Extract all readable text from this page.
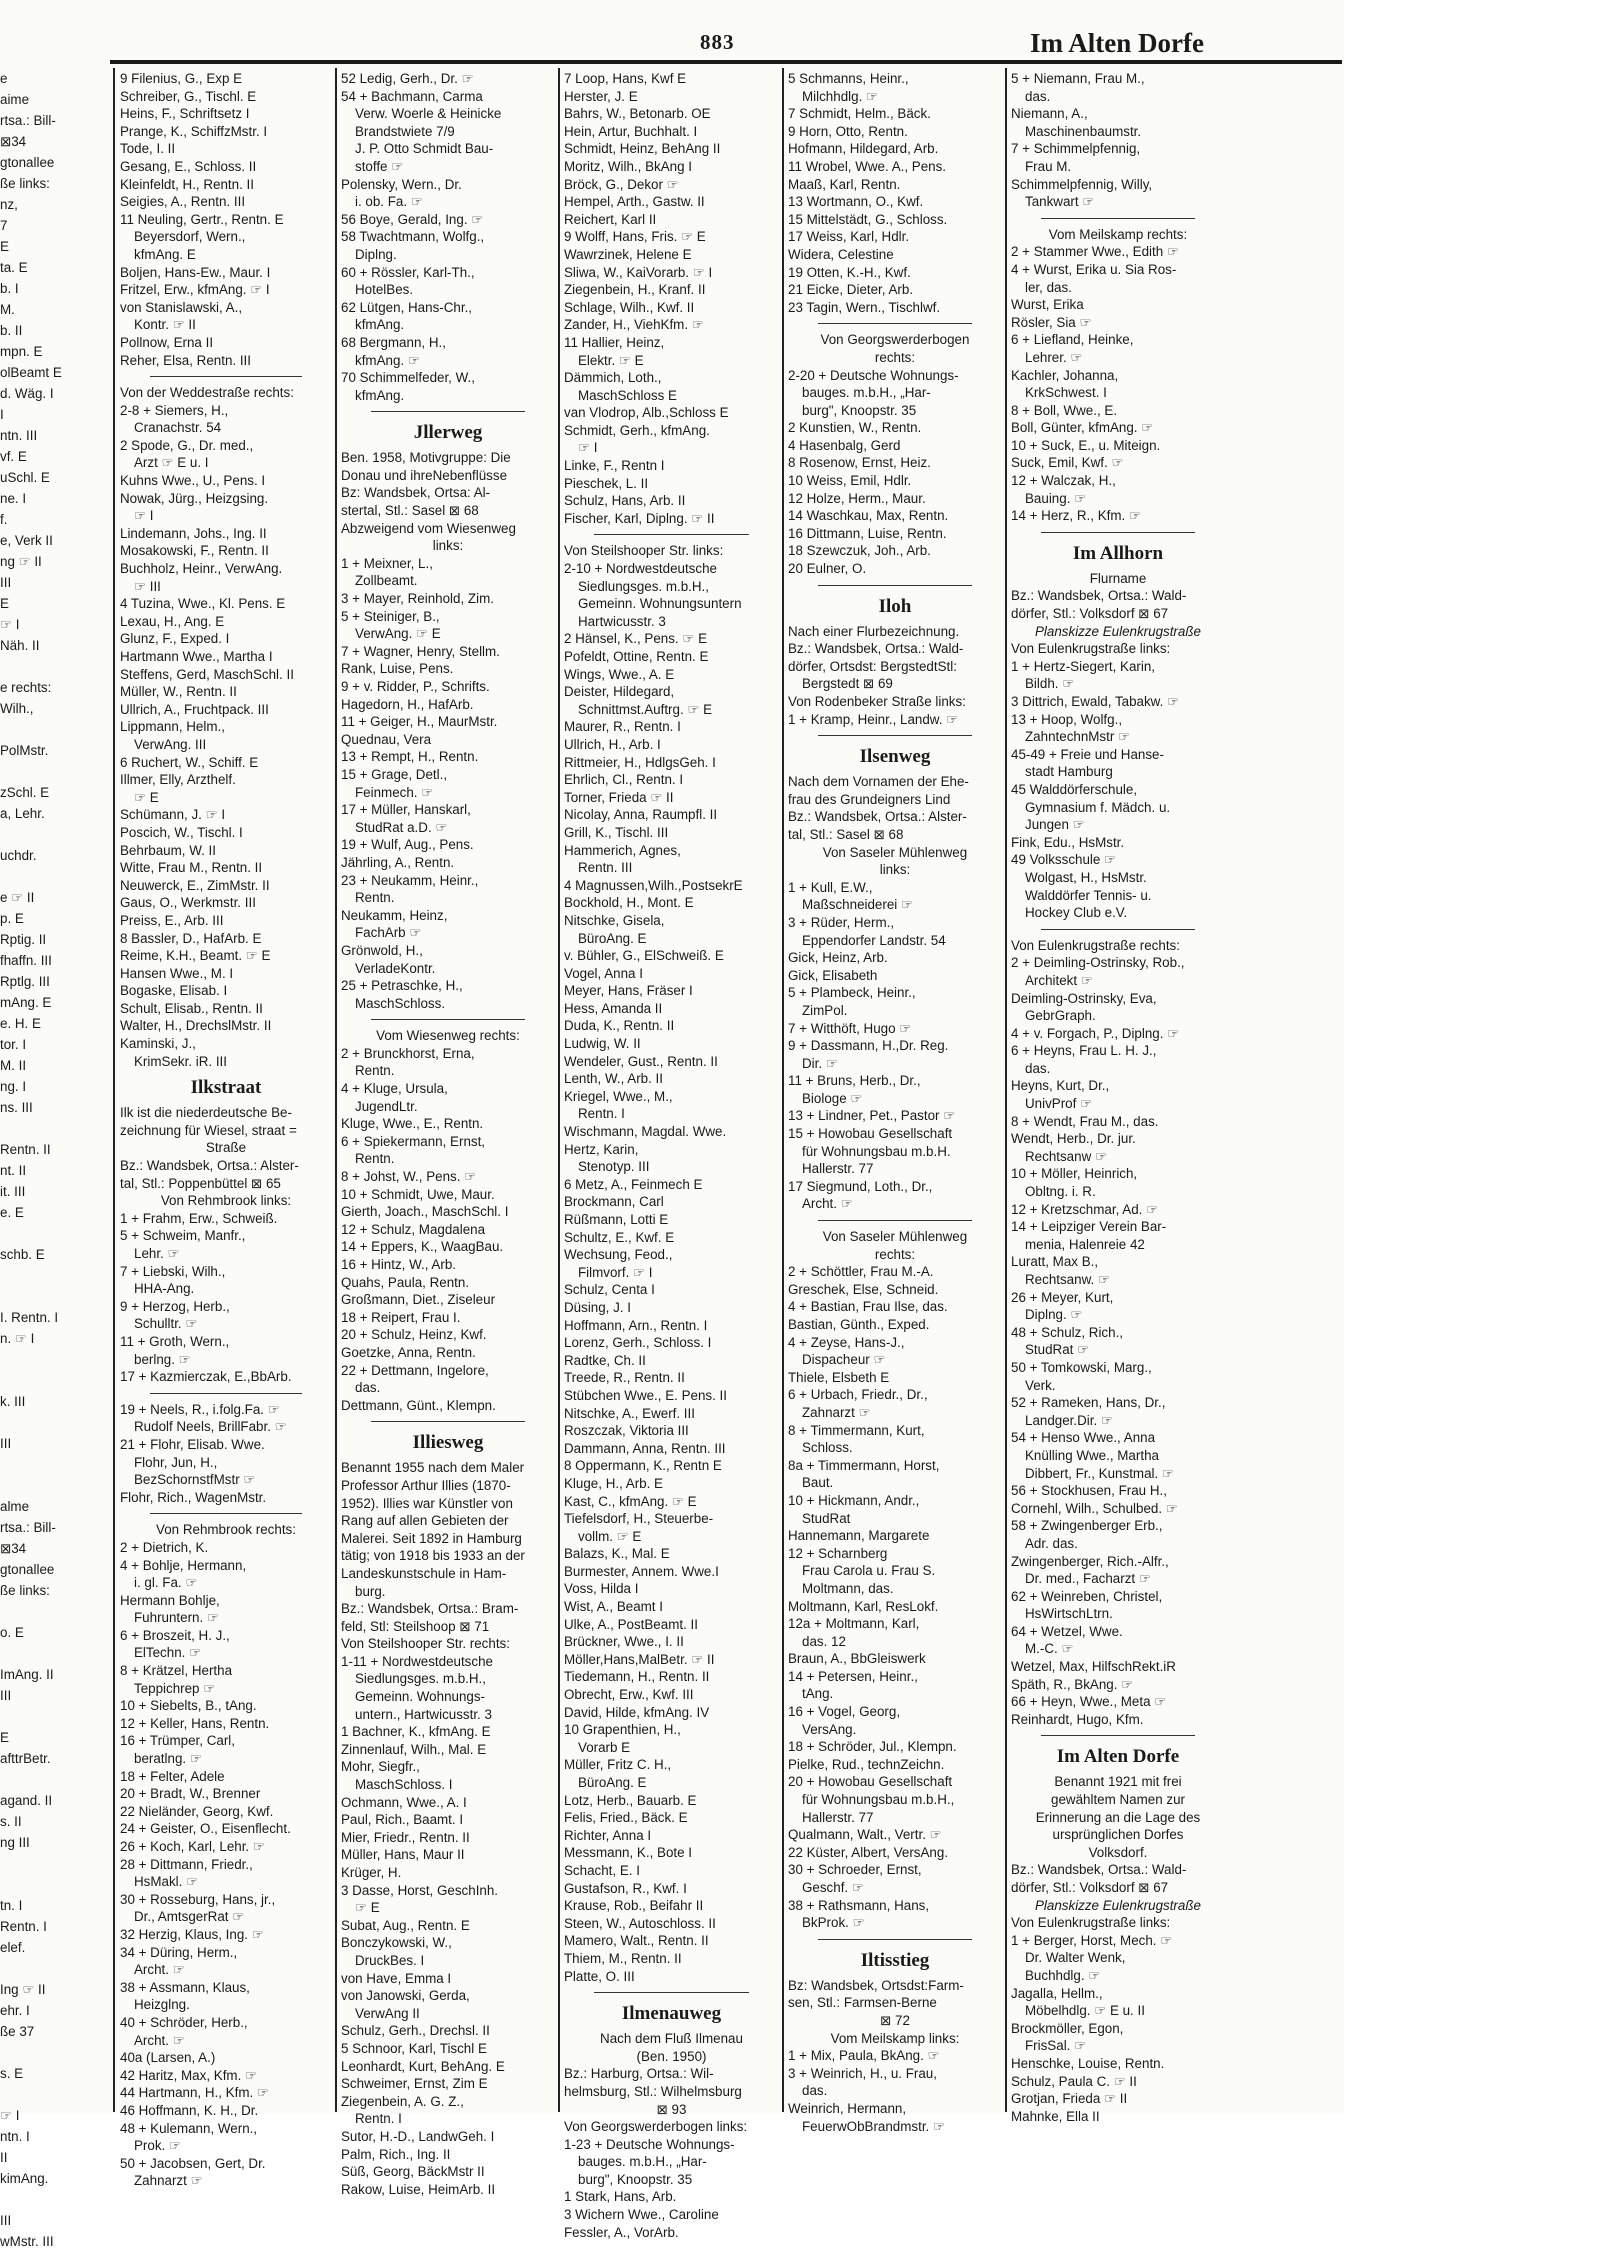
e
aime
rtsa.: Bill-
⊠34
gtonallee
ße links:
nz,
7
E
ta. E
b. I
M.
b. II
mpn. E
olBeamt E
d. Wäg. I
I
ntn. III
vf. E
uSchl. E
ne. I
f.
e, Verk II
ng ☞ II
III
E
☞ I
Näh. II
e rechts:
Wilh.,
PolMstr.
zSchl. E
a, Lehr.
uchdr.
e ☞ II
p. E
Rptig. II
fhaffn. III
Rptlg. III
mAng. E
e. H. E
tor. I
M. II
ng. I
ns. III
Rentn. II
nt. II
it. III
e. E
schb. E
I. Rentn. I
n. ☞ I
k. III
III
alme
rtsa.: Bill-
⊠34
gtonallee
ße links:
o. E
ImAng. II
III
E
afttrBetr.
agand. II
s. II
ng III
tn. I
Rentn. I
elef.
Ing ☞ II
ehr. I
ße 37
s. E
☞ I
ntn. I
II
kimAng.
III
wMstr. III
883	Im Alten Dorfe
9 Filenius, G., Exp E
Schreiber, G., Tischl. E
Heins, F., Schriftsetz I
Prange, K., SchiffzMstr. I
Tode, I. II
Gesang, E., Schloss. II
Kleinfeldt, H., Rentn. II
Seigies, A., Rentn. III
11 Neuling, Gertr., Rentn. E
Beyersdorf, Wern.,
kfmAng. E
Boljen, Hans-Ew., Maur. I
Fritzel, Erw., kfmAng. ☞ I
von Stanislawski, A.,
Kontr. ☞ II
Pollnow, Erna II
Reher, Elsa, Rentn. III
Von der Weddestraße rechts:
2-8 + Siemers, H.,
Cranachstr. 54
2 Spode, G., Dr. med.,
Arzt ☞ E u. I
Kuhns Wwe., U., Pens. I
Nowak, Jürg., Heizgsing.
☞ I
Lindemann, Johs., Ing. II
Mosakowski, F., Rentn. II
Buchholz, Heinr., VerwAng.
☞ III
4 Tuzina, Wwe., Kl. Pens. E
Lexau, H., Ang. E
Glunz, F., Exped. I
Hartmann Wwe., Martha I
Steffens, Gerd, MaschSchl. II
Müller, W., Rentn. II
Ullrich, A., Fruchtpack. III
Lippmann, Helm.,
VerwAng. III
6 Ruchert, W., Schiff. E
Illmer, Elly, Arzthelf.
☞ E
Schümann, J. ☞ I
Poscich, W., Tischl. I
Behrbaum, W. II
Witte, Frau M., Rentn. II
Neuwerck, E., ZimMstr. II
Gaus, O., Werkmstr. III
Preiss, E., Arb. III
8 Bassler, D., HafArb. E
Reime, K.H., Beamt. ☞ E
Hansen Wwe., M. I
Bogaske, Elisab. I
Schult, Elisab., Rentn. II
Walter, H., DrechslMstr. II
Kaminski, J.,
KrimSekr. iR. III
Ilkstraat
Ilk ist die niederdeutsche Be-
zeichnung für Wiesel, straat =
Straße
Bz.: Wandsbek, Ortsa.: Alster-
tal, Stl.: Poppenbüttel ⊠ 65
Von Rehmbrook links:
1 + Frahm, Erw., Schweiß.
5 + Schweim, Manfr.,
Lehr. ☞
7 + Liebski, Wilh.,
HHA-Ang.
9 + Herzog, Herb.,
Schulltr. ☞
11 + Groth, Wern.,
berlng. ☞
17 + Kazmierczak, E.,BbArb.
19 + Neels, R., i.folg.Fa. ☞
Rudolf Neels, BrillFabr. ☞
21 + Flohr, Elisab. Wwe.
Flohr, Jun, H.,
BezSchornstfMstr ☞
Flohr, Rich., WagenMstr.
Von Rehmbrook rechts:
2 + Dietrich, K.
4 + Bohlje, Hermann,
i. gl. Fa. ☞
Hermann Bohlje,
Fuhruntern. ☞
6 + Broszeit, H. J.,
ElTechn. ☞
8 + Krätzel, Hertha
Teppichrep ☞
10 + Siebelts, B., tAng.
12 + Keller, Hans, Rentn.
16 + Trümper, Carl,
beratlng. ☞
18 + Felter, Adele
20 + Bradt, W., Brenner
22 Nieländer, Georg, Kwf.
24 + Geister, O., Eisenflecht.
26 + Koch, Karl, Lehr. ☞
28 + Dittmann, Friedr.,
HsMakl. ☞
30 + Rosseburg, Hans, jr.,
Dr., AmtsgerRat ☞
32 Herzig, Klaus, Ing. ☞
34 + Düring, Herm.,
Archt. ☞
38 + Assmann, Klaus,
Heizglng.
40 + Schröder, Herb.,
Archt. ☞
40a (Larsen, A.)
42 Haritz, Max, Kfm. ☞
44 Hartmann, H., Kfm. ☞
46 Hoffmann, K. H., Dr.
48 + Kulemann, Wern.,
Prok. ☞
50 + Jacobsen, Gert, Dr.
Zahnarzt ☞
52 Ledig, Gerh., Dr. ☞
54 + Bachmann, Carma
Verw. Woerle & Heinicke
Brandstwiete 7/9
J. P. Otto Schmidt Bau-
stoffe ☞
Polensky, Wern., Dr.
i. ob. Fa. ☞
56 Boye, Gerald, Ing. ☞
58 Twachtmann, Wolfg.,
Diplng.
60 + Rössler, Karl-Th.,
HotelBes.
62 Lütgen, Hans-Chr.,
kfmAng.
68 Bergmann, H.,
kfmAng. ☞
70 Schimmelfeder, W.,
kfmAng.
Jllerweg
Ben. 1958, Motivgruppe: Die
Donau und ihreNebenflüsse
Bz: Wandsbek, Ortsa: Al-
stertal, Stl.: Sasel ⊠ 68
Abzweigend vom Wiesenweg
links:
1 + Meixner, L.,
Zollbeamt.
3 + Mayer, Reinhold, Zim.
5 + Steiniger, B.,
VerwAng. ☞ E
7 + Wagner, Henry, Stellm.
Rank, Luise, Pens.
9 + v. Ridder, P., Schrifts.
Hagedorn, H., HafArb.
11 + Geiger, H., MaurMstr.
Quednau, Vera
13 + Rempt, H., Rentn.
15 + Grage, Detl.,
Feinmech. ☞
17 + Müller, Hanskarl,
StudRat a.D. ☞
19 + Wulf, Aug., Pens.
Jährling, A., Rentn.
23 + Neukamm, Heinr.,
Rentn.
Neukamm, Heinz,
FachArb ☞
Grönwold, H.,
VerladeKontr.
25 + Petraschke, H.,
MaschSchloss.
Vom Wiesenweg rechts:
2 + Brunckhorst, Erna,
Rentn.
4 + Kluge, Ursula,
JugendLtr.
Kluge, Wwe., E., Rentn.
6 + Spiekermann, Ernst,
Rentn.
8 + Johst, W., Pens. ☞
10 + Schmidt, Uwe, Maur.
Gierth, Joach., MaschSchl. I
12 + Schulz, Magdalena
14 + Eppers, K., WaagBau.
16 + Hintz, W., Arb.
Quahs, Paula, Rentn.
Großmann, Diet., Ziseleur
18 + Reipert, Frau I.
20 + Schulz, Heinz, Kwf.
Goetzke, Anna, Rentn.
22 + Dettmann, Ingelore,
das.
Dettmann, Günt., Klempn.
Illiesweg
Benannt 1955 nach dem Maler
Professor Arthur Illies (1870-
1952). Illies war Künstler von
Rang auf allen Gebieten der
Malerei. Seit 1892 in Hamburg
tätig; von 1918 bis 1933 an der
Landeskunstschule in Ham-
burg.
Bz.: Wandsbek, Ortsa.: Bram-
feld, Stl: Steilshoop ⊠ 71
Von Steilshooper Str. rechts:
1-11 + Nordwestdeutsche
Siedlungsges. m.b.H.,
Gemeinn. Wohnungs-
untern., Hartwicusstr. 3
1 Bachner, K., kfmAng. E
Zinnenlauf, Wilh., Mal. E
Mohr, Siegfr.,
MaschSchloss. I
Ochmann, Wwe., A. I
Paul, Rich., Baamt. I
Mier, Friedr., Rentn. II
Müller, Hans, Maur II
Krüger, H.
3 Dasse, Horst, GeschInh.
☞ E
Subat, Aug., Rentn. E
Bonczykowski, W.,
DruckBes. I
von Have, Emma I
von Janowski, Gerda,
VerwAng II
Schulz, Gerh., Drechsl. II
5 Schnoor, Karl, Tischl E
Leonhardt, Kurt, BehAng. E
Schweimer, Ernst, Zim E
Ziegenbein, A. G. Z.,
Rentn. I
Sutor, H.-D., LandwGeh. I
Palm, Rich., Ing. II
Süß, Georg, BäckMstr II
Rakow, Luise, HeimArb. II
7 Loop, Hans, Kwf E
Herster, J. E
Bahrs, W., Betonarb. OE
Hein, Artur, Buchhalt. I
Schmidt, Heinz, BehAng II
Moritz, Wilh., BkAng I
Bröck, G., Dekor ☞
Hempel, Arth., Gastw. II
Reichert, Karl II
9 Wolff, Hans, Fris. ☞ E
Wawrzinek, Helene E
Sliwa, W., KaiVorarb. ☞ I
Ziegenbein, H., Kranf. II
Schlage, Wilh., Kwf. II
Zander, H., ViehKfm. ☞
11 Hallier, Heinz,
Elektr. ☞ E
Dämmich, Loth.,
MaschSchloss E
van Vlodrop, Alb.,Schloss E
Schmidt, Gerh., kfmAng.
☞ I
Linke, F., Rentn I
Pieschek, L. II
Schulz, Hans, Arb. II
Fischer, Karl, Diplng. ☞ II
Von Steilshooper Str. links:
2-10 + Nordwestdeutsche
Siedlungsges. m.b.H.,
Gemeinn. Wohnungsuntern
Hartwicusstr. 3
2 Hänsel, K., Pens. ☞ E
Pofeldt, Ottine, Rentn. E
Wings, Wwe., A. E
Deister, Hildegard,
Schnittmst.Auftrg. ☞ E
Maurer, R., Rentn. I
Ullrich, H., Arb. I
Rittmeier, H., HdlgsGeh. I
Ehrlich, Cl., Rentn. I
Torner, Frieda ☞ II
Nicolay, Anna, Raumpfl. II
Grill, K., Tischl. III
Hammerich, Agnes,
Rentn. III
4 Magnussen,Wilh.,PostsekrE
Bockhold, H., Mont. E
Nitschke, Gisela,
BüroAng. E
v. Bühler, G., ElSchweiß. E
Vogel, Anna I
Meyer, Hans, Fräser I
Hess, Amanda II
Duda, K., Rentn. II
Ludwig, W. II
Wendeler, Gust., Rentn. II
Lenth, W., Arb. II
Kriegel, Wwe., M.,
Rentn. I
Wischmann, Magdal. Wwe.
Hertz, Karin,
Stenotyp. III
6 Metz, A., Feinmech E
Brockmann, Carl
Rüßmann, Lotti E
Schultz, E., Kwf. E
Wechsung, Feod.,
Filmvorf. ☞ I
Schulz, Centa I
Düsing, J. I
Hoffmann, Arn., Rentn. I
Lorenz, Gerh., Schloss. I
Radtke, Ch. II
Treede, R., Rentn. II
Stübchen Wwe., E. Pens. II
Nitschke, A., Ewerf. III
Roszczak, Viktoria III
Dammann, Anna, Rentn. III
8 Oppermann, K., Rentn E
Kluge, H., Arb. E
Kast, C., kfmAng. ☞ E
Tiefelsdorf, H., Steuerbe-
vollm. ☞ E
Balazs, K., Mal. E
Burmester, Annem. Wwe.I
Voss, Hilda I
Wist, A., Beamt I
Ulke, A., PostBeamt. II
Brückner, Wwe., I. II
Möller,Hans,MalBetr. ☞ II
Tiedemann, H., Rentn. II
Obrecht, Erw., Kwf. III
David, Hilde, kfmAng. IV
10 Grapenthien, H.,
Vorarb E
Müller, Fritz C. H.,
BüroAng. E
Lotz, Herb., Bauarb. E
Felis, Fried., Bäck. E
Richter, Anna I
Messmann, K., Bote I
Schacht, E. I
Gustafson, R., Kwf. I
Krause, Rob., Beifahr II
Steen, W., Autoschloss. II
Mamero, Walt., Rentn. II
Thiem, M., Rentn. II
Platte, O. III
Ilmenauweg
Nach dem Fluß Ilmenau
(Ben. 1950)
Bz.: Harburg, Ortsa.: Wil-
helmsburg, Stl.: Wilhelmsburg
⊠ 93
Von Georgswerderbogen links:
1-23 + Deutsche Wohnungs-
bauges. m.b.H., „Har-
burg", Knoopstr. 35
1 Stark, Hans, Arb.
3 Wichern Wwe., Caroline
Fessler, A., VorArb.
5 Schmanns, Heinr.,
Milchhdlg. ☞
7 Schmidt, Helm., Bäck.
9 Horn, Otto, Rentn.
Hofmann, Hildegard, Arb.
11 Wrobel, Wwe. A., Pens.
Maaß, Karl, Rentn.
13 Wortmann, O., Kwf.
15 Mittelstädt, G., Schloss.
17 Weiss, Karl, Hdlr.
Widera, Celestine
19 Otten, K.-H., Kwf.
21 Eicke, Dieter, Arb.
23 Tagin, Wern., Tischlwf.
Von Georgswerderbogen
rechts:
2-20 + Deutsche Wohnungs-
bauges. m.b.H., „Har-
burg", Knoopstr. 35
2 Kunstien, W., Rentn.
4 Hasenbalg, Gerd
8 Rosenow, Ernst, Heiz.
10 Weiss, Emil, Hdlr.
12 Holze, Herm., Maur.
14 Waschkau, Max, Rentn.
16 Dittmann, Luise, Rentn.
18 Szewczuk, Joh., Arb.
20 Eulner, O.
Iloh
Nach einer Flurbezeichnung.
Bz.: Wandsbek, Ortsa.: Wald-
dörfer, Ortsdst: BergstedtStl:
Bergstedt ⊠ 69
Von Rodenbeker Straße links:
1 + Kramp, Heinr., Landw. ☞
Ilsenweg
Nach dem Vornamen der Ehe-
frau des Grundeigners Lind
Bz.: Wandsbek, Ortsa.: Alster-
tal, Stl.: Sasel ⊠ 68
Von Saseler Mühlenweg
links:
1 + Kull, E.W.,
Maßschneiderei ☞
3 + Rüder, Herm.,
Eppendorfer Landstr. 54
Gick, Heinz, Arb.
Gick, Elisabeth
5 + Plambeck, Heinr.,
ZimPol.
7 + Witthöft, Hugo ☞
9 + Dassmann, H.,Dr. Reg.
Dir. ☞
11 + Bruns, Herb., Dr.,
Biologe ☞
13 + Lindner, Pet., Pastor ☞
15 + Howobau Gesellschaft
für Wohnungsbau m.b.H.
Hallerstr. 77
17 Siegmund, Loth., Dr.,
Archt. ☞
Von Saseler Mühlenweg
rechts:
2 + Schöttler, Frau M.-A.
Greschek, Else, Schneid.
4 + Bastian, Frau Ilse, das.
Bastian, Günth., Exped.
4 + Zeyse, Hans-J.,
Dispacheur ☞
Thiele, Elsbeth E
6 + Urbach, Friedr., Dr.,
Zahnarzt ☞
8 + Timmermann, Kurt,
Schloss.
8a + Timmermann, Horst,
Baut.
10 + Hickmann, Andr.,
StudRat
Hannemann, Margarete
12 + Scharnberg
Frau Carola u. Frau S.
Moltmann, das.
Moltmann, Karl, ResLokf.
12a + Moltmann, Karl,
das. 12
Braun, A., BbGleiswerk
14 + Petersen, Heinr.,
tAng.
16 + Vogel, Georg,
VersAng.
18 + Schröder, Jul., Klempn.
Pielke, Rud., technZeichn.
20 + Howobau Gesellschaft
für Wohnungsbau m.b.H.,
Hallerstr. 77
Qualmann, Walt., Vertr. ☞
22 Küster, Albert, VersAng.
30 + Schroeder, Ernst,
Geschf. ☞
38 + Rathsmann, Hans,
BkProk. ☞
Iltisstieg
Bz: Wandsbek, Ortsdst:Farm-
sen, Stl.: Farmsen-Berne
⊠ 72
Vom Meilskamp links:
1 + Mix, Paula, BkAng. ☞
3 + Weinrich, H., u. Frau,
das.
Weinrich, Hermann,
FeuerwObBrandmstr. ☞
5 + Niemann, Frau M.,
das.
Niemann, A.,
Maschinenbaumstr.
7 + Schimmelpfennig,
Frau M.
Schimmelpfennig, Willy,
Tankwart ☞
Vom Meilskamp rechts:
2 + Stammer Wwe., Edith ☞
4 + Wurst, Erika u. Sia Ros-
ler, das.
Wurst, Erika
Rösler, Sia ☞
6 + Liefland, Heinke,
Lehrer. ☞
Kachler, Johanna,
KrkSchwest. I
8 + Boll, Wwe., E.
Boll, Günter, kfmAng. ☞
10 + Suck, E., u. Miteign.
Suck, Emil, Kwf. ☞
12 + Walczak, H.,
Bauing. ☞
14 + Herz, R., Kfm. ☞
Im Allhorn
Flurname
Bz.: Wandsbek, Ortsa.: Wald-
dörfer, Stl.: Volksdorf ⊠ 67
Planskizze Eulenkrugstraße
Von Eulenkrugstraße links:
1 + Hertz-Siegert, Karin,
Bildh. ☞
3 Dittrich, Ewald, Tabakw. ☞
13 + Hoop, Wolfg.,
ZahntechnMstr ☞
45-49 + Freie und Hanse-
stadt Hamburg
45 Walddörferschule,
Gymnasium f. Mädch. u.
Jungen ☞
Fink, Edu., HsMstr.
49 Volksschule ☞
Wolgast, H., HsMstr.
Walddörfer Tennis- u.
Hockey Club e.V.
Von Eulenkrugstraße rechts:
2 + Deimling-Ostrinsky, Rob.,
Architekt ☞
Deimling-Ostrinsky, Eva,
GebrGraph.
4 + v. Forgach, P., Diplng. ☞
6 + Heyns, Frau L. H. J.,
das.
Heyns, Kurt, Dr.,
UnivProf ☞
8 + Wendt, Frau M., das.
Wendt, Herb., Dr. jur.
Rechtsanw ☞
10 + Möller, Heinrich,
Obltng. i. R.
12 + Kretzschmar, Ad. ☞
14 + Leipziger Verein Bar-
menia, Halenreie 42
Luratt, Max B.,
Rechtsanw. ☞
26 + Meyer, Kurt,
Diplng. ☞
48 + Schulz, Rich.,
StudRat ☞
50 + Tomkowski, Marg.,
Verk.
52 + Rameken, Hans, Dr.,
Landger.Dir. ☞
54 + Henso Wwe., Anna
Knülling Wwe., Martha
Dibbert, Fr., Kunstmal. ☞
56 + Stockhusen, Frau H.,
Cornehl, Wilh., Schulbed. ☞
58 + Zwingenberger Erb.,
Adr. das.
Zwingenberger, Rich.-Alfr.,
Dr. med., Facharzt ☞
62 + Weinreben, Christel,
HsWirtschLtrn.
64 + Wetzel, Wwe.
M.-C. ☞
Wetzel, Max, HilfschRekt.iR
Späth, R., BkAng. ☞
66 + Heyn, Wwe., Meta ☞
Reinhardt, Hugo, Kfm.
Im Alten Dorfe
Benannt 1921 mit frei
gewähltem Namen zur
Erinnerung an die Lage des
ursprünglichen Dorfes
Volksdorf.
Bz.: Wandsbek, Ortsa.: Wald-
dörfer, Stl.: Volksdorf ⊠ 67
Planskizze Eulenkrugstraße
Von Eulenkrugstraße links:
1 + Berger, Horst, Mech. ☞
Dr. Walter Wenk,
Buchhdlg. ☞
Jagalla, Hellm.,
Möbelhdlg. ☞ E u. II
Brockmöller, Egon,
FrisSal. ☞
Henschke, Louise, Rentn.
Schulz, Paula C. ☞ II
Grotjan, Frieda ☞ II
Mahnke, Ella II
